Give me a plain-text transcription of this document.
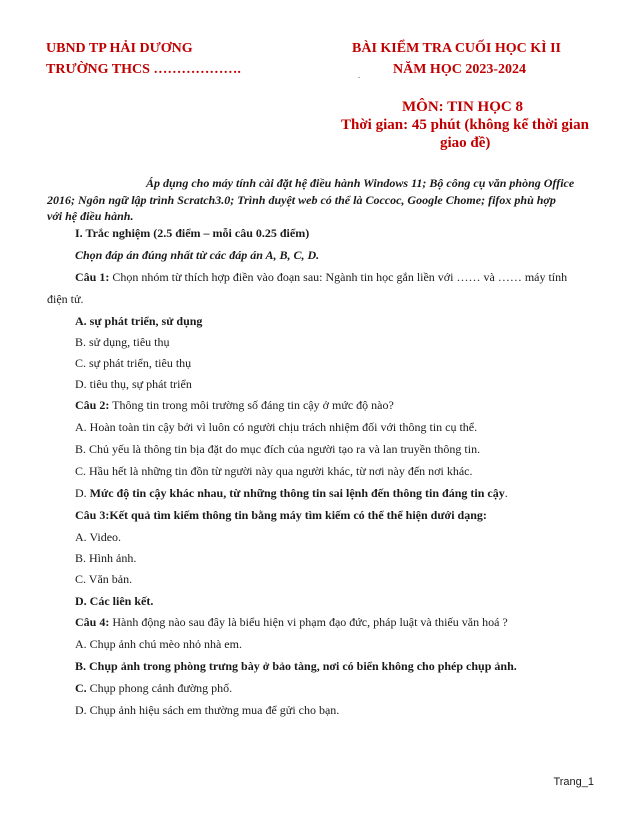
UBND TP HẢI DƯƠNG
TRƯỜNG THCS ……………….
BÀI KIỂM TRA CUỐI HỌC KÌ II
NĂM HỌC 2023-2024
.
MÔN: TIN HỌC 8
Thời gian: 45 phút (không kể thời gian
giao đề)
Áp dụng cho máy tính cài đặt hệ điều hành Windows 11; Bộ công cụ văn phòng Office
2016; Ngôn ngữ lập trình Scratch3.0; Trình duyệt web có thể là Coccoc, Google Chome; fifox phù hợp
với hệ điều hành.
I. Trắc nghiệm (2.5 điểm – mỗi câu 0.25 điểm)
Chọn đáp án đúng nhất từ các đáp án A, B, C, D.
Câu 1: Chọn nhóm từ thích hợp điền vào đoạn sau: Ngành tin học gắn liền với …… và …… máy tính
điện tử.
A. sự phát triển, sử dụng
B. sử dụng, tiêu thụ
C. sự phát triển, tiêu thụ
D. tiêu thụ, sự phát triển
Câu 2: Thông tin trong môi trường số đáng tin cậy ở mức độ nào?
A. Hoàn toàn tin cậy bởi vì luôn có người chịu trách nhiệm đối với thông tin cụ thể.
B. Chủ yếu là thông tin bịa đặt do mục đích của người tạo ra và lan truyền thông tin.
C. Hầu hết là những tin đồn từ người này qua người khác, từ nơi này đến nơi khác.
D. Mức độ tin cậy khác nhau, từ những thông tin sai lệnh đến thông tin đáng tin cậy.
Câu 3:Kết quả tìm kiếm thông tin bằng máy tìm kiếm có thể thể hiện dưới dạng:
A. Video.
B. Hình ảnh.
C. Văn bản.
D. Các liên kết.
Câu 4: Hành động nào sau đây là biểu hiện vi phạm đạo đức, pháp luật và thiếu văn hoá ?
A. Chụp ảnh chú mèo nhỏ nhà em.
B. Chụp ảnh trong phòng trưng bày ở bảo tàng, nơi có biển không cho phép chụp ảnh.
C. Chụp phong cảnh đường phố.
D. Chụp ảnh hiệu sách em thường mua để gửi cho bạn.
Trang_1
